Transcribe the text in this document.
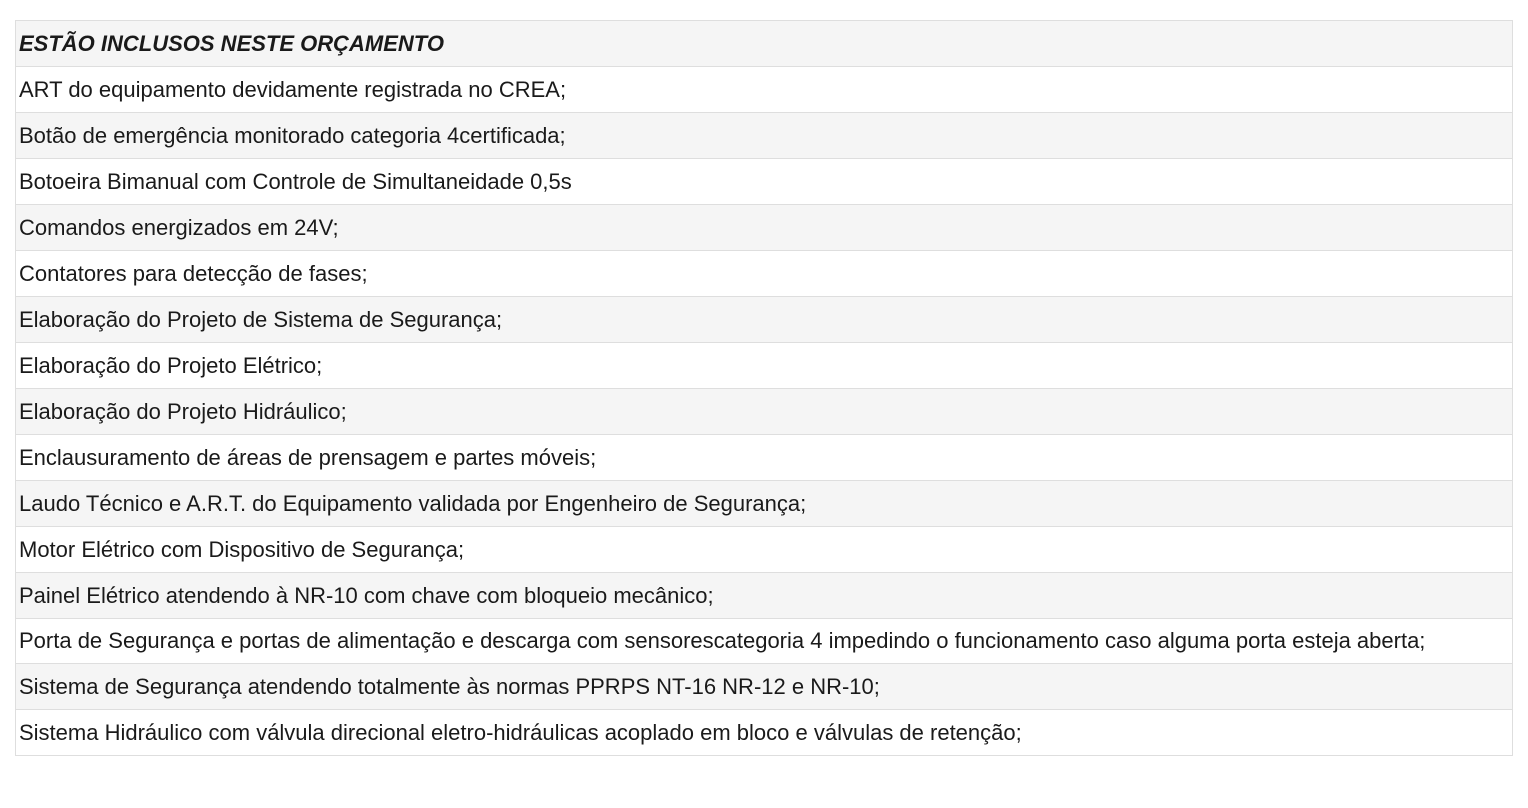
ESTÃO INCLUSOS NESTE ORÇAMENTO
ART do equipamento devidamente registrada no CREA;
Botão de emergência monitorado categoria 4certificada;
Botoeira Bimanual com Controle de Simultaneidade 0,5s
Comandos energizados em 24V;
Contatores para detecção de fases;
Elaboração do Projeto de Sistema de Segurança;
Elaboração do Projeto Elétrico;
Elaboração do Projeto Hidráulico;
Enclausuramento de áreas de prensagem e partes móveis;
Laudo Técnico e A.R.T. do Equipamento validada por Engenheiro de Segurança;
Motor Elétrico com Dispositivo de Segurança;
Painel Elétrico atendendo à NR-10 com chave com bloqueio mecânico;
Porta de Segurança e portas de alimentação e descarga com sensorescategoria 4 impedindo o funcionamento caso alguma porta esteja aberta;
Sistema de Segurança atendendo totalmente às normas PPRPS NT-16 NR-12 e NR-10;
Sistema Hidráulico com válvula direcional eletro-hidráulicas acoplado em bloco e válvulas de retenção;
